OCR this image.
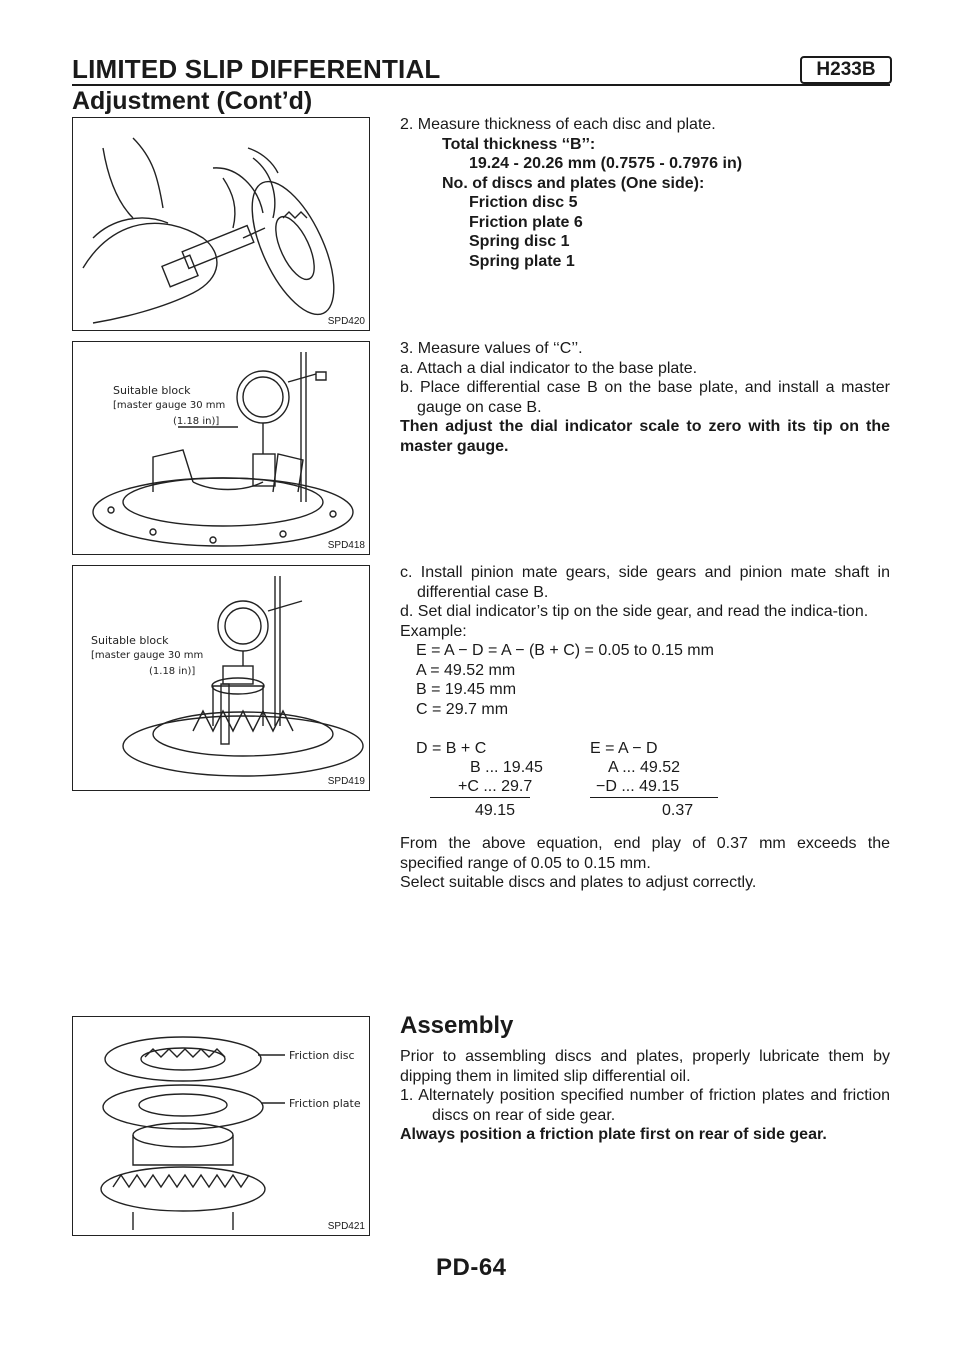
LIMITED SLIP DIFFERENTIAL	H233B
Adjustment (Cont’d)
SPD420
Suitable block
[master gauge 30 mm
(1.18 in)]
SPD418
Suitable block
[master gauge 30 mm
(1.18 in)]
SPD419
Friction disc
Friction plate
SPD421
2. Measure thickness of each disc and plate.
Total thickness ‘‘B’’:
19.24 - 20.26 mm (0.7575 - 0.7976 in)
No. of discs and plates (One side):
Friction disc 5
Friction plate 6
Spring disc 1
Spring plate 1
3. Measure values of ‘‘C’’.
a. Attach a dial indicator to the base plate.
b. Place differential case B on the base plate, and install a master gauge on case B.
Then adjust the dial indicator scale to zero with its tip on the master gauge.
c. Install pinion mate gears, side gears and pinion mate shaft in differential case B.
d. Set dial indicator’s tip on the side gear, and read the indica-tion.
Example:
E = A − D = A − (B + C) = 0.05 to 0.15 mm
A = 49.52 mm
B = 19.45 mm
C = 29.7 mm
D = B + C	E = A − D
B ... 19.45	A ... 49.52
+C ... 29.7	−D ... 49.15
49.15	0.37
From the above equation, end play of 0.37 mm exceeds the specified range of 0.05 to 0.15 mm.
Select suitable discs and plates to adjust correctly.
Assembly
Prior to assembling discs and plates, properly lubricate them by dipping them in limited slip differential oil.
1. Alternately position specified number of friction plates and friction discs on rear of side gear.
Always position a friction plate first on rear of side gear.
PD-64
